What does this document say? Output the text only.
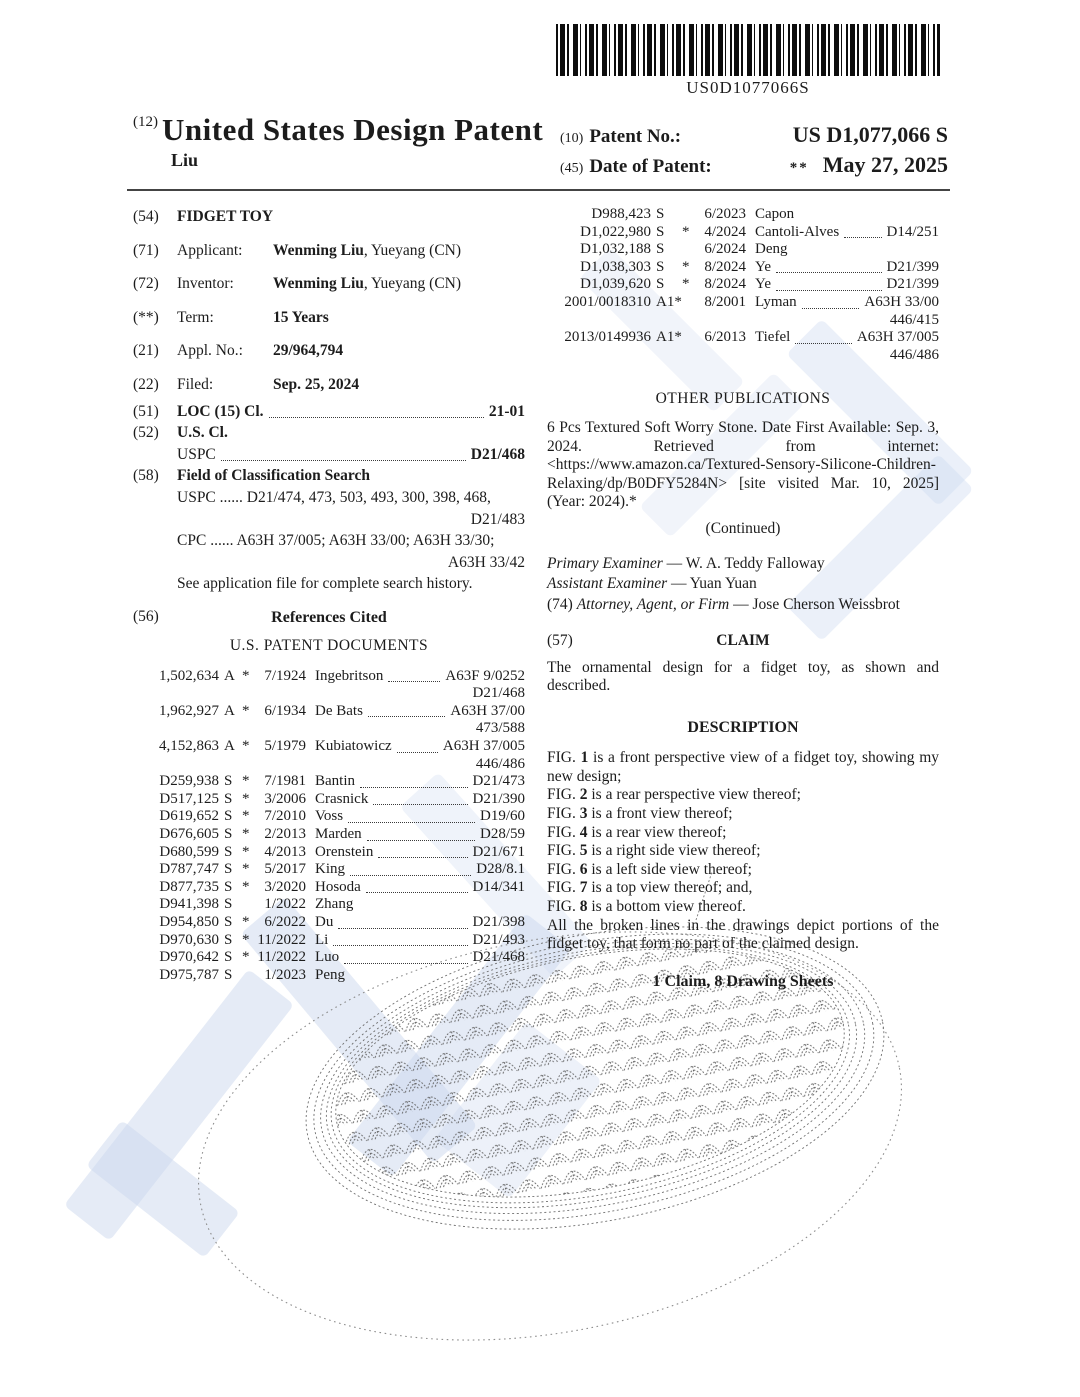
US0D1077066S
(12) United States Design Patent
Liu
(10) Patent No.:	US D1,077,066 S
(45) Date of Patent:	** May 27, 2025
(54)	FIDGET TOY
(71)	Applicant:	Wenming Liu, Yueyang (CN)
(72)	Inventor:	Wenming Liu, Yueyang (CN)
(**)	Term:	15 Years
(21)	Appl. No.:	29/964,794
(22)	Filed:	Sep. 25, 2024
(51)	LOC (15) Cl.	21-01
(52)	U.S. Cl.
USPC	D21/468
(58)	Field of Classification Search
USPC ...... D21/474, 473, 503, 493, 300, 398, 468,
D21/483
CPC ...... A63H 37/005; A63H 33/00; A63H 33/30;
A63H 33/42
See application file for complete search history.
(56)	References Cited
U.S. PATENT DOCUMENTS
1,502,634 A * 7/1924 Ingebritson	A63F 9/0252
D21/468
1,962,927 A * 6/1934 De Bats	A63H 37/00
473/588
4,152,863 A * 5/1979 Kubiatowicz	A63H 37/005
446/486
D259,938 S * 7/1981 Bantin	D21/473
D517,125 S * 3/2006 Crasnick	D21/390
D619,652 S * 7/2010 Voss	D19/60
D676,605 S * 2/2013 Marden	D28/59
D680,599 S * 4/2013 Orenstein	D21/671
D787,747 S * 5/2017 King	D28/8.1
D877,735 S * 3/2020 Hosoda	D14/341
D941,398 S	1/2022 Zhang
D954,850 S * 6/2022 Du	D21/398
D970,630 S * 11/2022 Li	D21/493
D970,642 S * 11/2022 Luo	D21/468
D975,787 S	1/2023 Peng
D988,423 S	6/2023 Capon
D1,022,980 S	* 4/2024 Cantoli-Alves	D14/251
D1,032,188 S	6/2024 Deng
D1,038,303 S	* 8/2024 Ye	D21/399
D1,039,620 S	* 8/2024 Ye	D21/399
2001/0018310 A1*	8/2001 Lyman	A63H 33/00
446/415
2013/0149936 A1*	6/2013 Tiefel	A63H 37/005
446/486
OTHER PUBLICATIONS
6 Pcs Textured Soft Worry Stone. Date First Available: Sep. 3, 2024. Retrieved from internet: <https://www.amazon.ca/Textured-Sensory-Silicone-Children-Relaxing/dp/B0DFY5284N> [site visited Mar. 10, 2025] (Year: 2024).*
(Continued)
Primary Examiner — W. A. Teddy Falloway
Assistant Examiner — Yuan Yuan
(74) Attorney, Agent, or Firm — Jose Cherson Weissbrot
(57)	CLAIM
The ornamental design for a fidget toy, as shown and described.
DESCRIPTION
FIG. 1 is a front perspective view of a fidget toy, showing my new design;
FIG. 2 is a rear perspective view thereof;
FIG. 3 is a front view thereof;
FIG. 4 is a rear view thereof;
FIG. 5 is a right side view thereof;
FIG. 6 is a left side view thereof;
FIG. 7 is a top view thereof; and,
FIG. 8 is a bottom view thereof.
All the broken lines in the drawings depict portions of the fidget toy, that form no part of the claimed design.
1 Claim, 8 Drawing Sheets
